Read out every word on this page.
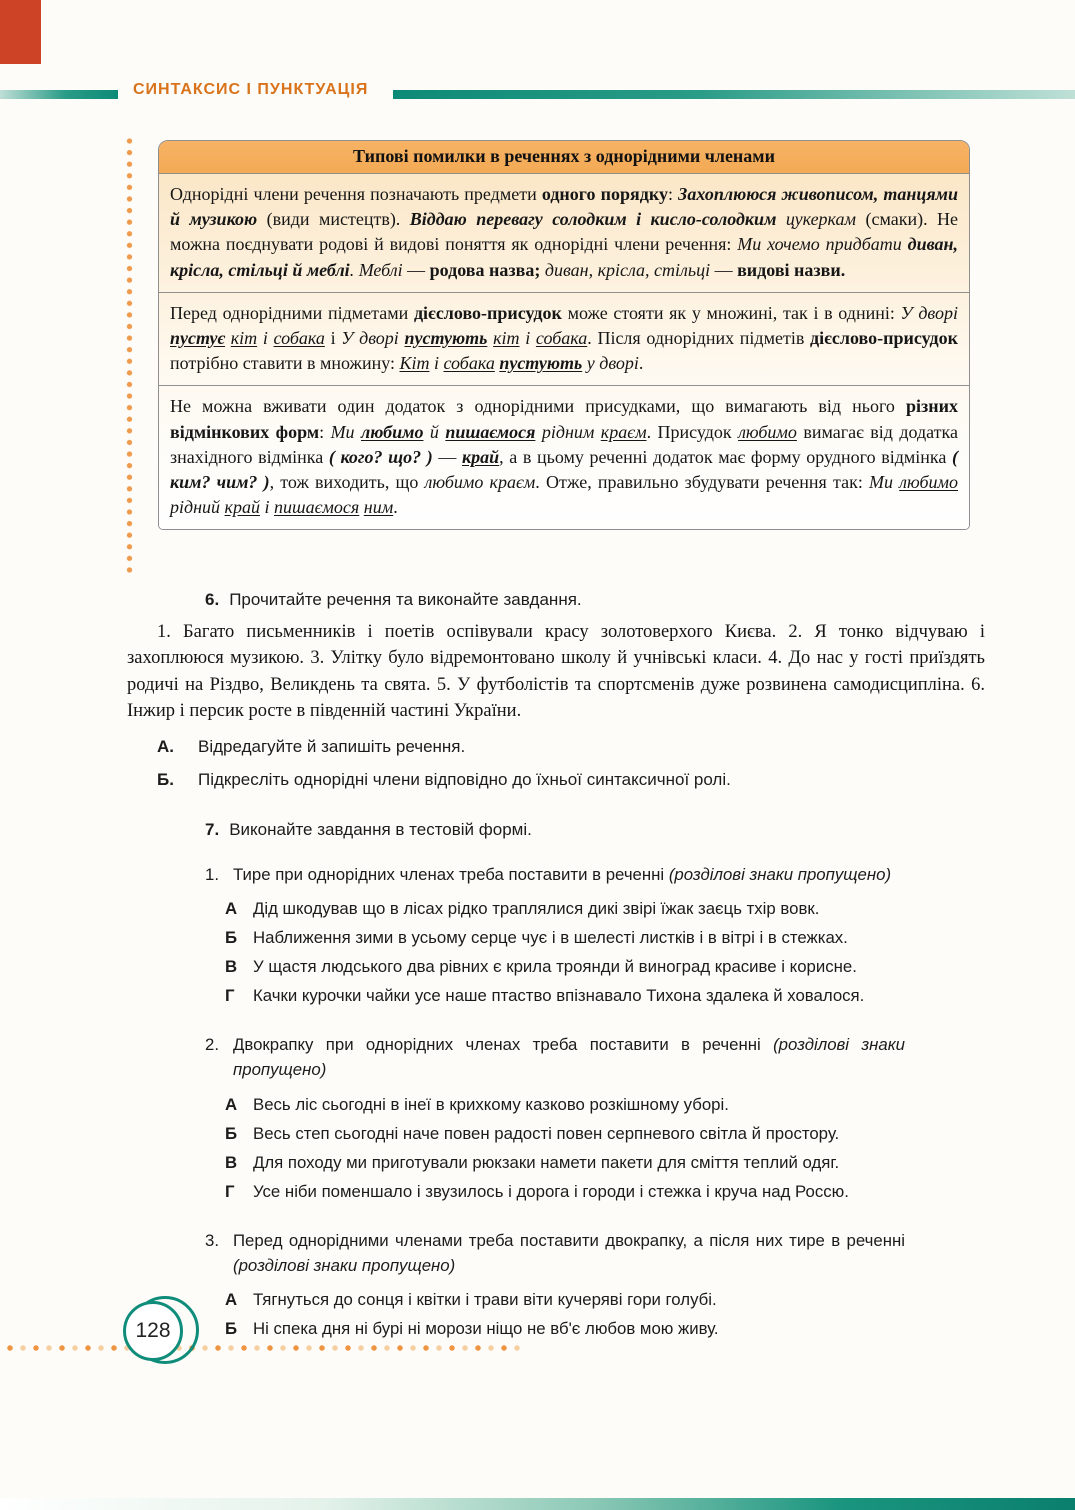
СИНТАКСИС І ПУНКТУАЦІЯ
Типові помилки в реченнях з однорідними членами
Однорідні члени речення позначають предмети одного порядку: Захоплююся живописом, танцями й музикою (види мистецтв). Віддаю перевагу солодким і кисло-солодким цукеркам (смаки). Не можна поєднувати родові й видові поняття як однорідні члени речення: Ми хочемо придбати диван, крісла, стільці й меблі. Меблі — родова назва; диван, крісла, стільці — видові назви.
Перед однорідними підметами дієслово-присудок може стояти як у множині, так і в однині: У дворі пустує кіт і собака і У дворі пустують кіт і собака. Після однорідних підметів дієслово-присудок потрібно ставити в множину: Кіт і собака пустують у дворі.
Не можна вживати один додаток з однорідними присудками, що вимагають від нього різних відмінкових форм: Ми любимо й пишаємося рідним краєм. Присудок любимо вимагає від додатка знахідного відмінка ( кого? що? ) — край, а в цьому реченні додаток має форму орудного відмінка ( ким? чим? ), тож виходить, що любимо краєм. Отже, правильно збудувати речення так: Ми любимо рідний край і пишаємося ним.
6. Прочитайте речення та виконайте завдання.
1. Багато письменників і поетів оспівували красу золотоверхого Києва. 2. Я тонко відчуваю і захоплююся музикою. 3. Улітку було відремонтовано школу й учнівські класи. 4. До нас у гості приїздять родичі на Різдво, Великдень та свята. 5. У футболістів та спортсменів дуже розвинена самодисципліна. 6. Інжир і персик росте в південній частині України.
А.	Відредагуйте й запишіть речення.
Б.	Підкресліть однорідні члени відповідно до їхньої синтаксичної ролі.
7. Виконайте завдання в тестовій формі.
1. Тире при однорідних членах треба поставити в реченні (розділові знаки пропущено)
А Дід шкодував що в лісах рідко траплялися дикі звірі їжак заєць тхір вовк.
Б Наближення зими в усьому серце чує і в шелесті листків і в вітрі і в стежках.
В У щастя людського два рівних є крила троянди й виноград красиве і корисне.
Г	Качки курочки чайки усе наше птаство впізнавало Тихона здалека й ховалося.
2. Двокрапку при однорідних членах треба поставити в реченні (розділові знаки пропущено)
А Весь ліс сьогодні в інеї в крихкому казково розкішному уборі.
Б Весь степ сьогодні наче повен радості повен серпневого світла й простору.
В Для походу ми приготували рюкзаки намети пакети для сміття теплий одяг.
Г	Усе ніби поменшало і звузилось і дорога і городи і стежка і круча над Россю.
3. Перед однорідними членами треба поставити двокрапку, а після них тире в реченні (розділові знаки пропущено)
А Тягнуться до сонця і квітки і трави віти кучеряві гори голубі.
Б Ні спека дня ні бурі ні морози ніщо не вб'є любов мою живу.
128
